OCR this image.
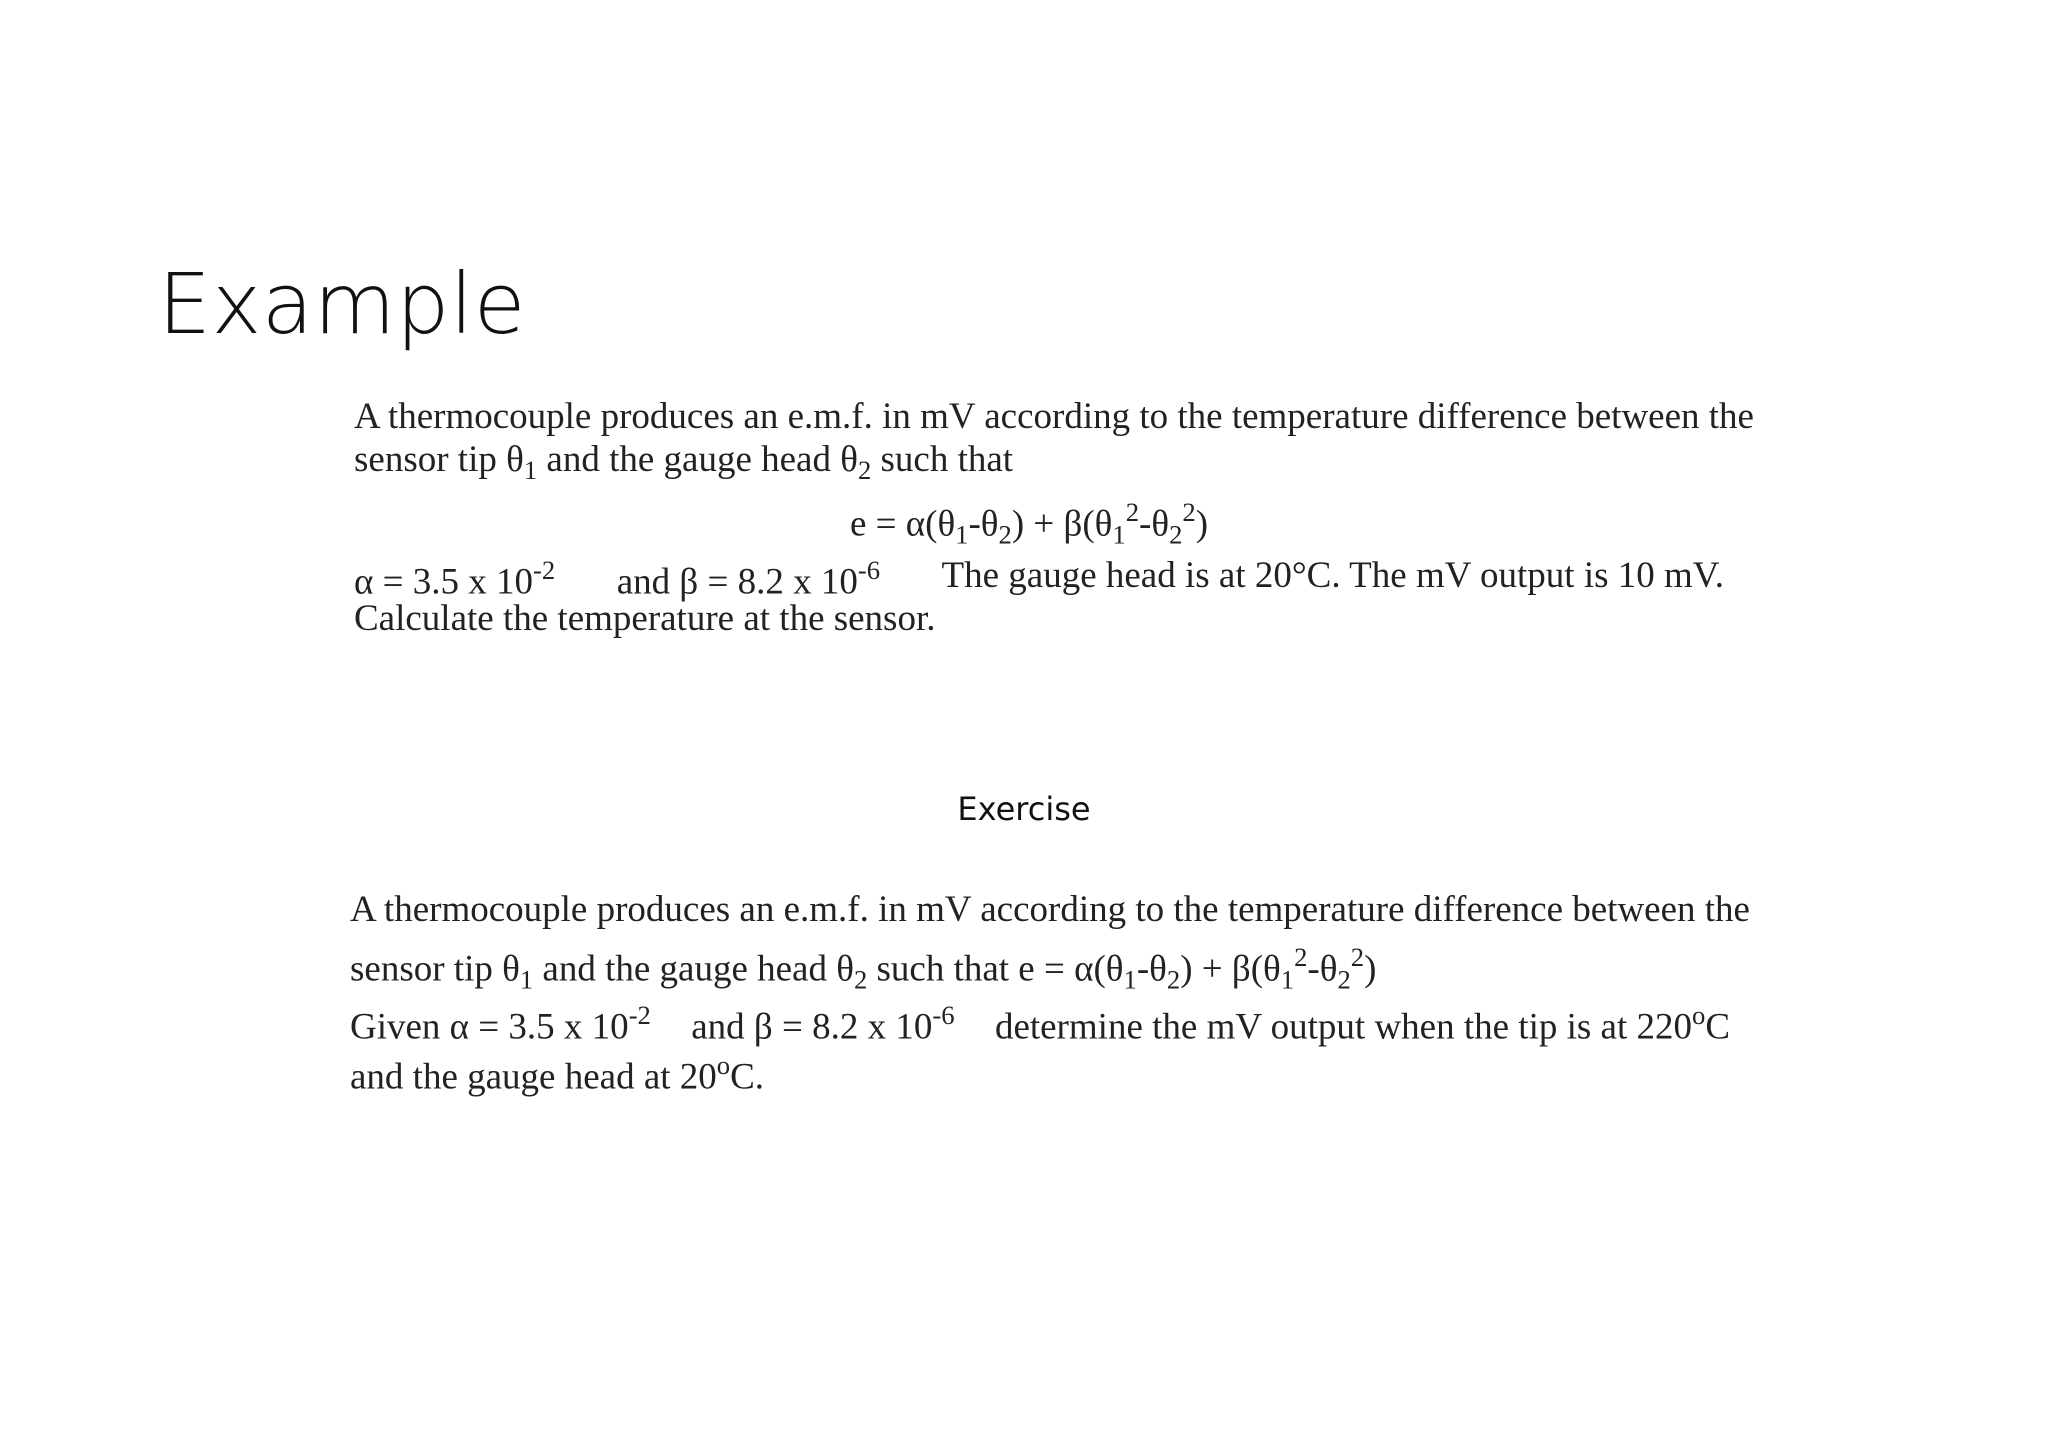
Example
A thermocouple produces an e.m.f. in mV according to the temperature difference between the
sensor tip $\theta_1$ and the gauge head $\theta_2$ such that
$e = \alpha(\theta_1-\theta_2) + \beta(\theta_1^2-\theta_2^2)$
α = 3.5 x $10^{-2}$ and β = 8.2 x $10^{-6}$ The gauge head is at 20°C. The mV output is 10 mV.
Calculate the temperature at the sensor.
Exercise
A thermocouple produces an e.m.f. in mV according to the temperature difference between the
sensor tip $\theta_1$ and the gauge head $\theta_2$ such that $e = \alpha(\theta_1-\theta_2) + \beta(\theta_1^2-\theta_2^2)$
Given α = 3.5 x $10^{-2}$ and β = 8.2 x $10^{-6}$ determine the mV output when the tip is at 220$^o$C
and the gauge head at 20$^o$C.
